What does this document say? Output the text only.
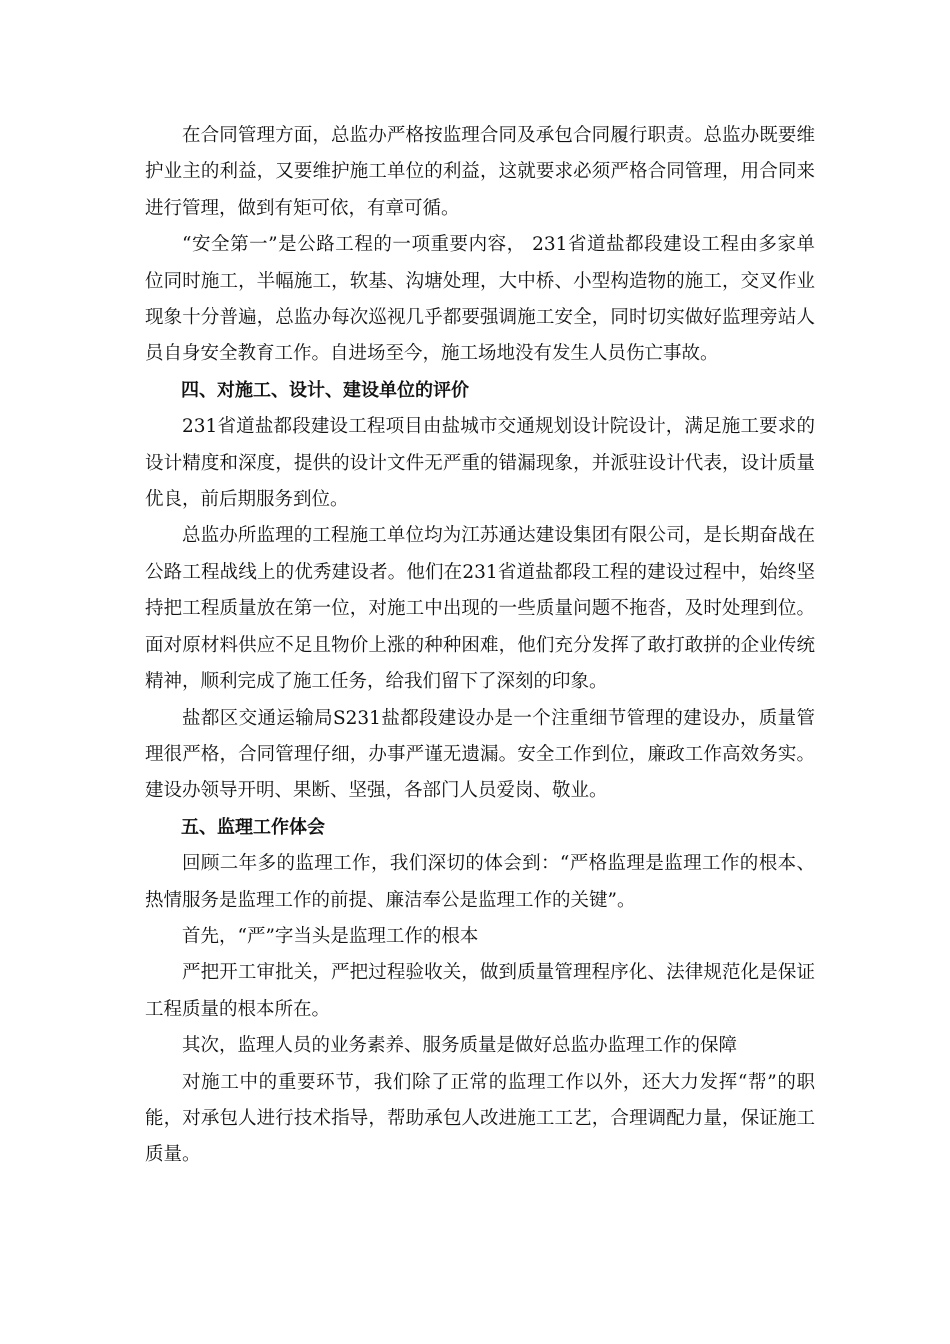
在合同管理方面，总监办严格按监理合同及承包合同履行职责。总监办既要维护业主的利益，又要维护施工单位的利益，这就要求必须严格合同管理，用合同来进行管理，做到有矩可依，有章可循。

“安全第一”是公路工程的一项重要内容， 231省道盐都段建设工程由多家单位同时施工，半幅施工，软基、沟塘处理，大中桥、小型构造物的施工，交叉作业现象十分普遍，总监办每次巡视几乎都要强调施工安全，同时切实做好监理旁站人员自身安全教育工作。自进场至今，施工场地没有发生人员伤亡事故。

四、对施工、设计、建设单位的评价

231省道盐都段建设工程项目由盐城市交通规划设计院设计，满足施工要求的设计精度和深度，提供的设计文件无严重的错漏现象，并派驻设计代表，设计质量优良，前后期服务到位。

总监办所监理的工程施工单位均为江苏通达建设集团有限公司，是长期奋战在公路工程战线上的优秀建设者。他们在231省道盐都段工程的建设过程中，始终坚持把工程质量放在第一位，对施工中出现的一些质量问题不拖沓，及时处理到位。面对原材料供应不足且物价上涨的种种困难，他们充分发挥了敢打敢拼的企业传统精神，顺利完成了施工任务，给我们留下了深刻的印象。

盐都区交通运输局S231盐都段建设办是一个注重细节管理的建设办，质量管理很严格，合同管理仔细，办事严谨无遗漏。安全工作到位，廉政工作高效务实。建设办领导开明、果断、坚强，各部门人员爱岗、敬业。

五、监理工作体会

回顾二年多的监理工作，我们深切的体会到：“严格监理是监理工作的根本、热情服务是监理工作的前提、廉洁奉公是监理工作的关键”。

首先，“严”字当头是监理工作的根本

严把开工审批关，严把过程验收关，做到质量管理程序化、法律规范化是保证工程质量的根本所在。

其次，监理人员的业务素养、服务质量是做好总监办监理工作的保障

对施工中的重要环节，我们除了正常的监理工作以外，还大力发挥“帮”的职能，对承包人进行技术指导，帮助承包人改进施工工艺，合理调配力量，保证施工质量。
